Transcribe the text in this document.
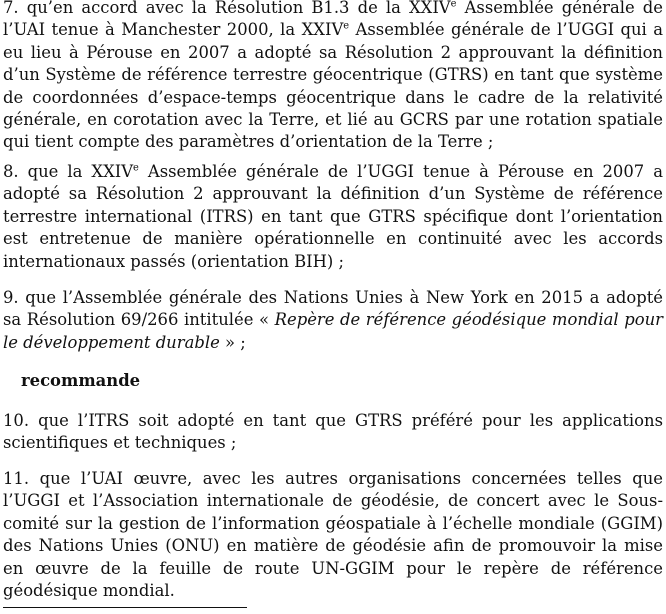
7. qu’en accord avec la Résolution B1.3 de la XXIVe Assemblée générale de l’UAI tenue à Manchester 2000, la XXIVe Assemblée générale de l’UGGI qui a eu lieu à Pérouse en 2007 a adopté sa Résolution 2 approuvant la définition d’un Système de référence terrestre géocentrique (GTRS) en tant que système de coordonnées d’espace-temps géocentrique dans le cadre de la relativité générale, en corotation avec la Terre, et lié au GCRS par une rotation spatiale qui tient compte des paramètres d’orientation de la Terre ;

8. que la XXIVe Assemblée générale de l’UGGI tenue à Pérouse en 2007 a adopté sa Résolution 2 approuvant la définition d’un Système de référence terrestre international (ITRS) en tant que GTRS spécifique dont l’orientation est entretenue de manière opérationnelle en continuité avec les accords internationaux passés (orientation BIH) ;

9. que l’Assemblée générale des Nations Unies à New York en 2015 a adopté sa Résolution 69/266 intitulée « Repère de référence géodésique mondial pour le développement durable » ;

recommande

10. que l’ITRS soit adopté en tant que GTRS préféré pour les applications scientifiques et techniques ;

11. que l’UAI œuvre, avec les autres organisations concernées telles que l’UGGI et l’Association internationale de géodésie, de concert avec le Sous-comité sur la gestion de l’information géospatiale à l’échelle mondiale (GGIM) des Nations Unies (ONU) en matière de géodésie afin de promouvoir la mise en œuvre de la feuille de route UN-GGIM pour le repère de référence géodésique mondial.
